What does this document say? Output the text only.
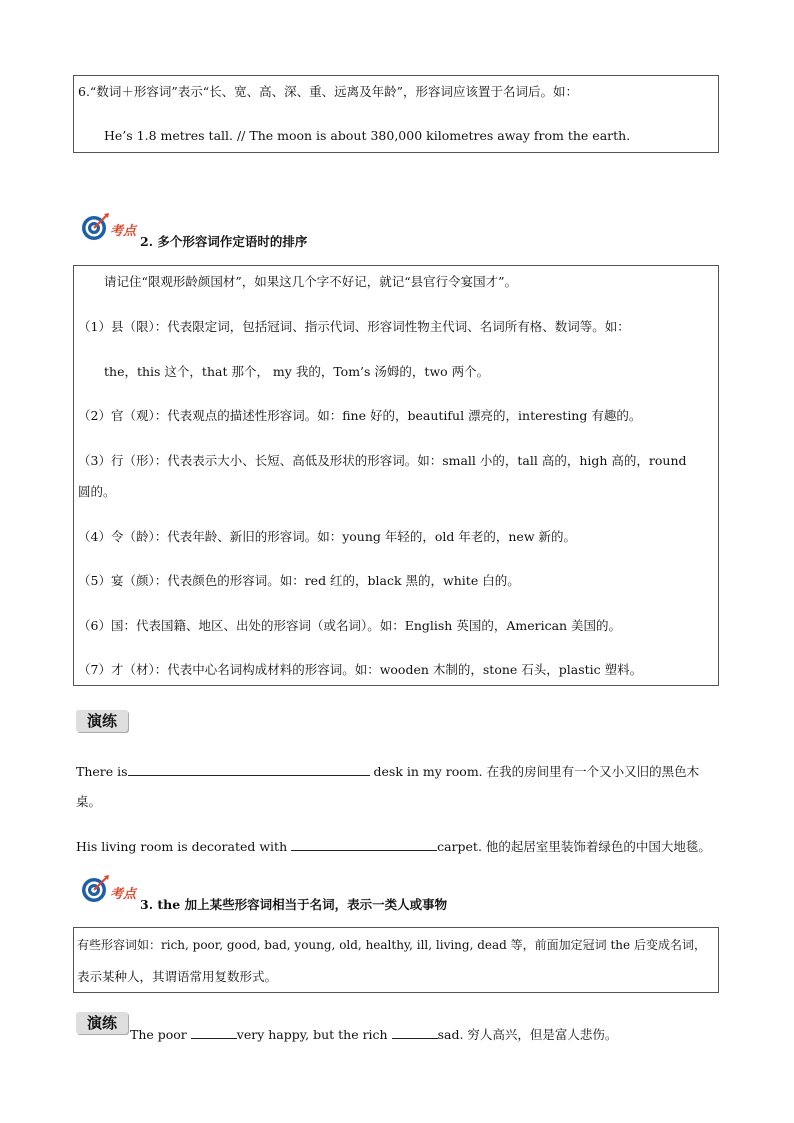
6.“数词＋形容词”表示“长、宽、高、深、重、远离及年龄”，形容词应该置于名词后。如：
He’s 1.8 metres tall. // The moon is about 380,000 kilometres away from the earth.
考点
2. 多个形容词作定语时的排序
请记住“限观形龄颜国材”，如果这几个字不好记，就记“县官行令宴国才”。
（1）县（限）：代表限定词，包括冠词、指示代词、形容词性物主代词、名词所有格、数词等。如：
the，this 这个，that 那个， my 我的，Tom’s 汤姆的，two 两个。
（2）官（观）：代表观点的描述性形容词。如：fine 好的，beautiful 漂亮的，interesting 有趣的。
（3）行（形）：代表表示大小、长短、高低及形状的形容词。如：small 小的，tall 高的，high 高的，round
圆的。
（4）令（龄）：代表年龄、新旧的形容词。如：young 年轻的，old 年老的，new 新的。
（5）宴（颜）：代表颜色的形容词。如：red 红的，black 黑的，white 白的。
（6）国：代表国籍、地区、出处的形容词（或名词）。如：English 英国的，American 美国的。
（7）才（材）：代表中心名词构成材料的形容词。如：wooden 木制的，stone 石头，plastic 塑料。
演练
There is	desk in my room. 在我的房间里有一个又小又旧的黑色木
桌。
His living room is decorated with	carpet. 他的起居室里装饰着绿色的中国大地毯。
考点
3. the 加上某些形容词相当于名词，表示一类人或事物
有些形容词如：rich, poor, good, bad, young, old, healthy, ill, living, dead 等，前面加定冠词 the 后变成名词，
表示某种人，其谓语常用复数形式。
演练
The poor	very happy, but the rich	sad. 穷人高兴，但是富人悲伤。
